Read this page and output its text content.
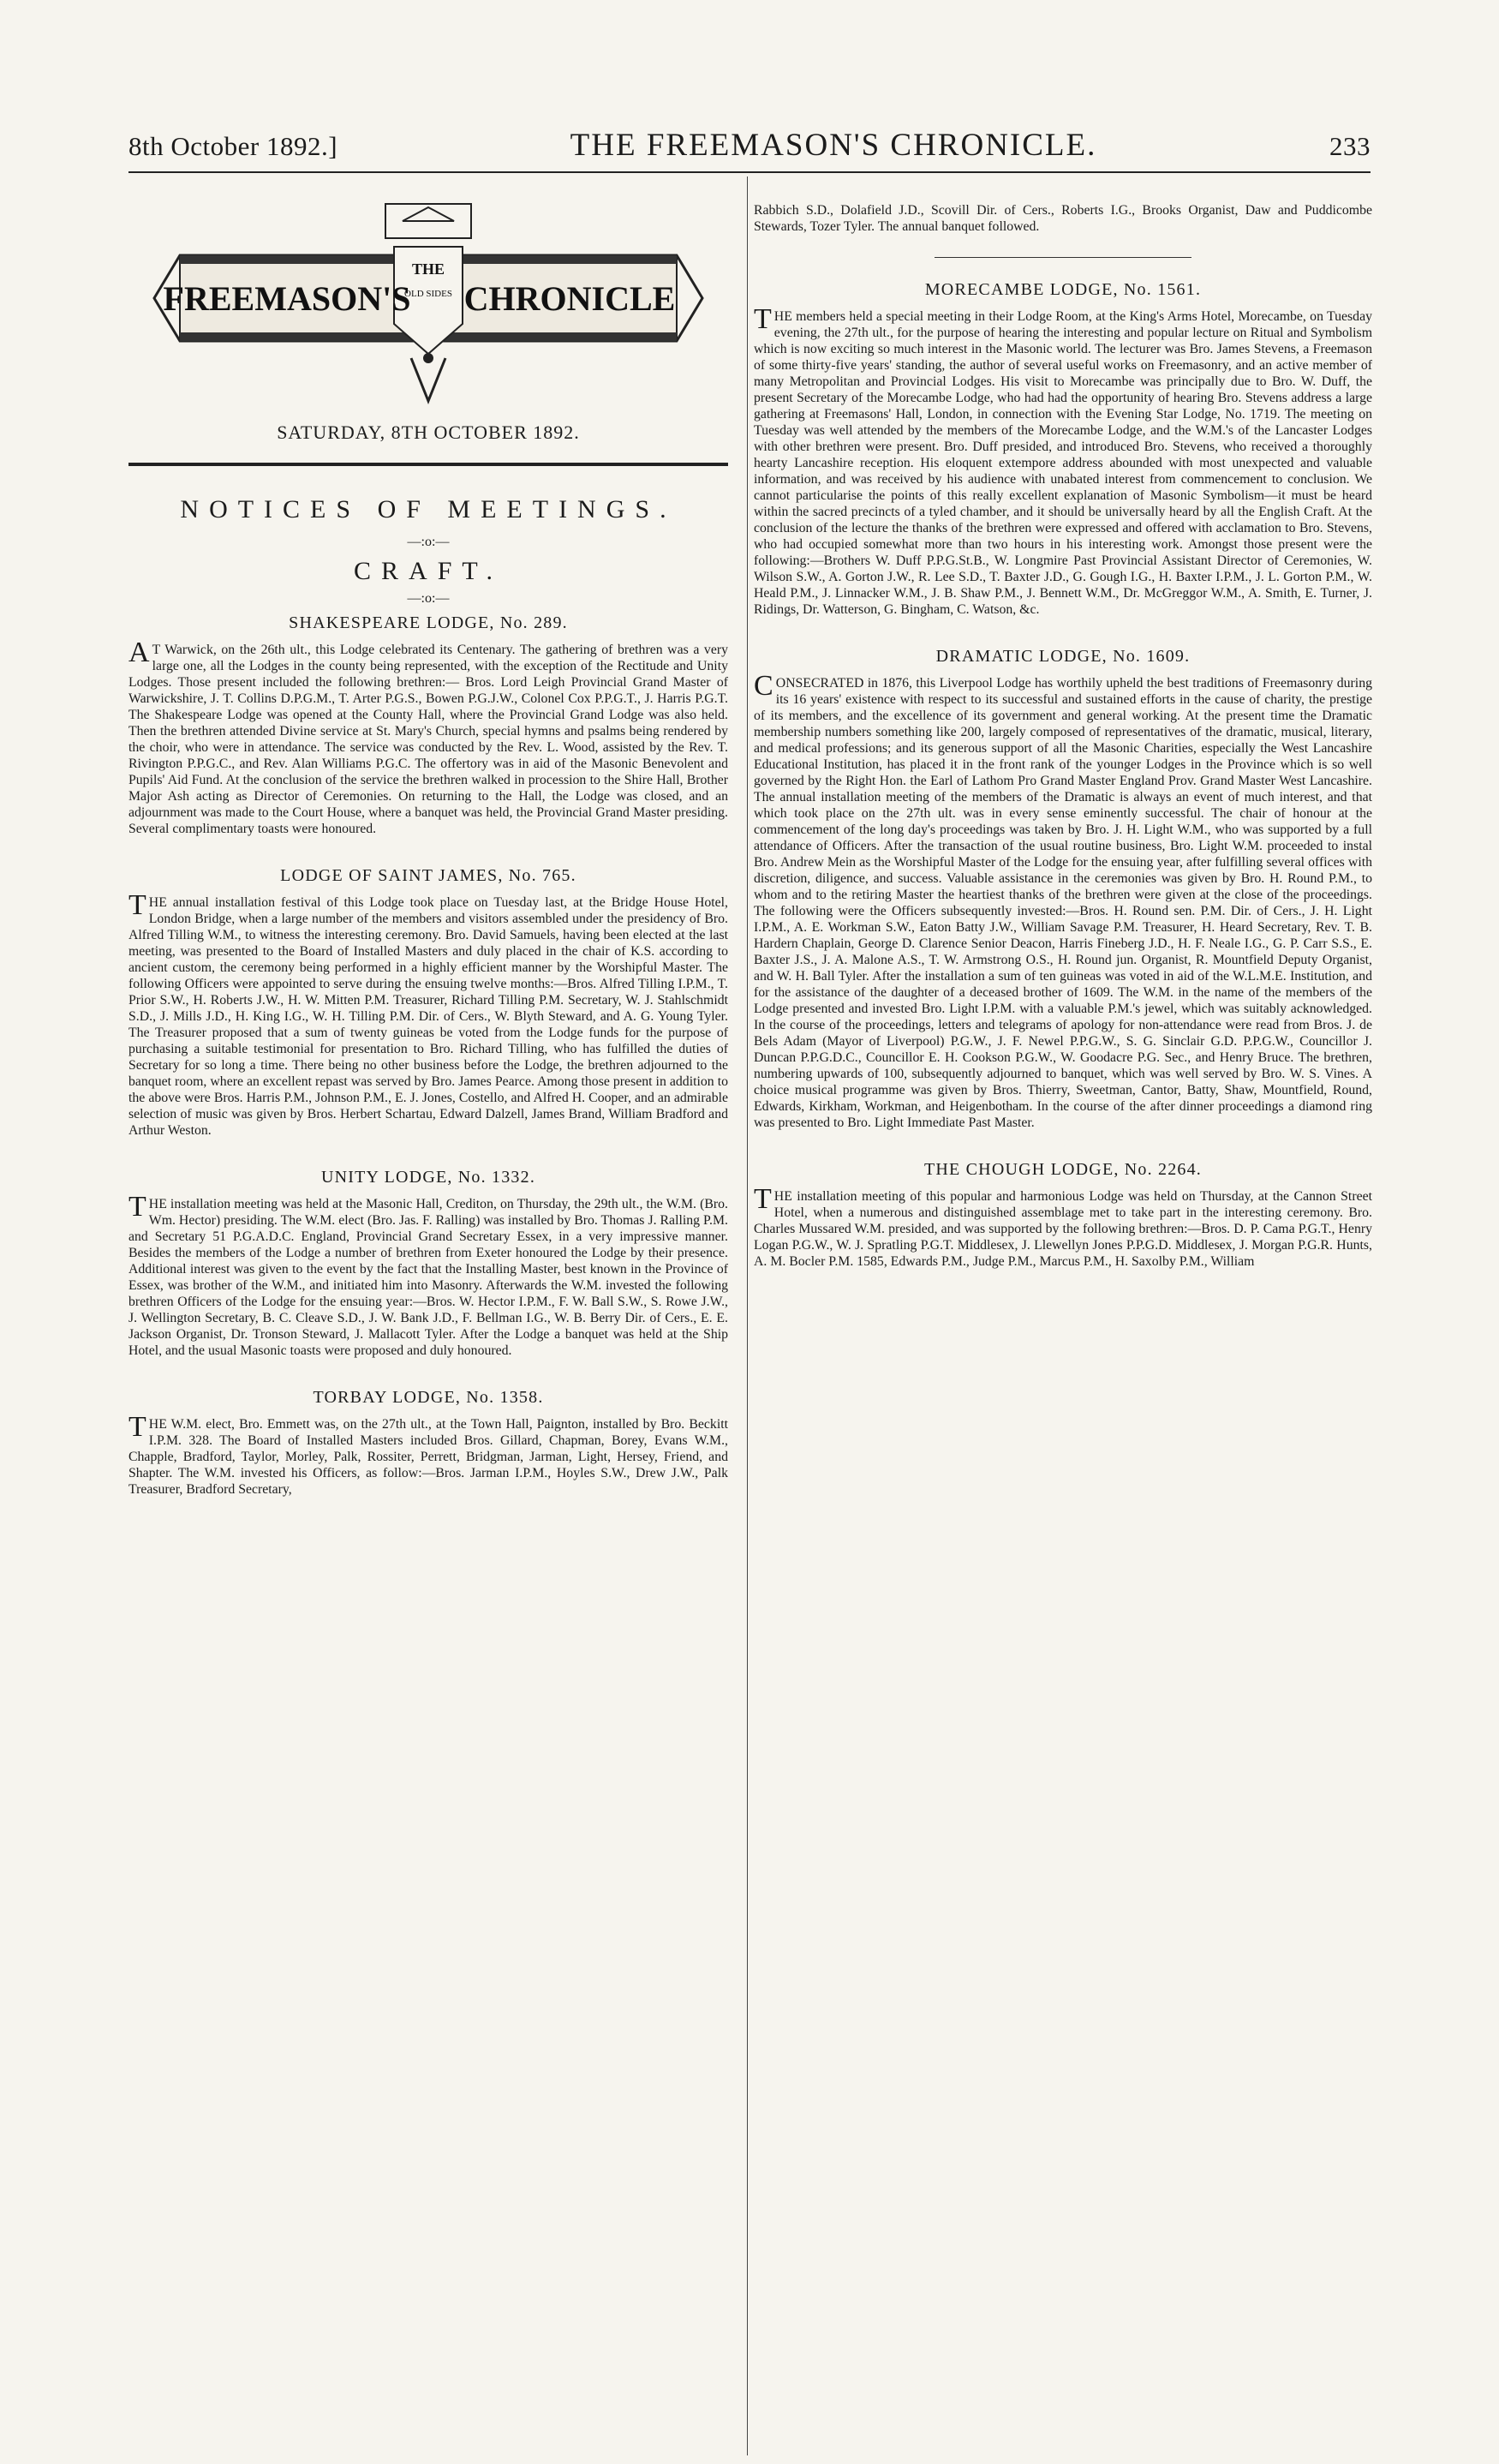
8th October 1892.]	THE FREEMASON'S CHRONICLE.	233
THE
OLD SIDES
FREEMASON'S CHRONICLE

SATURDAY, 8TH OCTOBER 1892.

NOTICES OF MEETINGS.

—:o:—

CRAFT.

—:o:—

SHAKESPEARE LODGE, No. 289.

AT Warwick, on the 26th ult., this Lodge celebrated its Centenary. The gathering of brethren was a very large one, all the Lodges in the county being represented, with the exception of the Rectitude and Unity Lodges. Those present included the following brethren:— Bros. Lord Leigh Provincial Grand Master of Warwickshire, J. T. Collins D.P.G.M., T. Arter P.G.S., Bowen P.G.J.W., Colonel Cox P.P.G.T., J. Harris P.G.T. The Shakespeare Lodge was opened at the County Hall, where the Provincial Grand Lodge was also held. Then the brethren attended Divine service at St. Mary's Church, special hymns and psalms being rendered by the choir, who were in attendance. The service was conducted by the Rev. L. Wood, assisted by the Rev. T. Rivington P.P.G.C., and Rev. Alan Williams P.G.C. The offertory was in aid of the Masonic Benevolent and Pupils' Aid Fund. At the conclusion of the service the brethren walked in procession to the Shire Hall, Brother Major Ash acting as Director of Ceremonies. On returning to the Hall, the Lodge was closed, and an adjournment was made to the Court House, where a banquet was held, the Provincial Grand Master presiding. Several complimentary toasts were honoured.

LODGE OF SAINT JAMES, No. 765.

THE annual installation festival of this Lodge took place on Tuesday last, at the Bridge House Hotel, London Bridge, when a large number of the members and visitors assembled under the presidency of Bro. Alfred Tilling W.M., to witness the interesting ceremony. Bro. David Samuels, having been elected at the last meeting, was presented to the Board of Installed Masters and duly placed in the chair of K.S. according to ancient custom, the ceremony being performed in a highly efficient manner by the Worshipful Master. The following Officers were appointed to serve during the ensuing twelve months:—Bros. Alfred Tilling I.P.M., T. Prior S.W., H. Roberts J.W., H. W. Mitten P.M. Treasurer, Richard Tilling P.M. Secretary, W. J. Stahlschmidt S.D., J. Mills J.D., H. King I.G., W. H. Tilling P.M. Dir. of Cers., W. Blyth Steward, and A. G. Young Tyler. The Treasurer proposed that a sum of twenty guineas be voted from the Lodge funds for the purpose of purchasing a suitable testimonial for presentation to Bro. Richard Tilling, who has fulfilled the duties of Secretary for so long a time. There being no other business before the Lodge, the brethren adjourned to the banquet room, where an excellent repast was served by Bro. James Pearce. Among those present in addition to the above were Bros. Harris P.M., Johnson P.M., E. J. Jones, Costello, and Alfred H. Cooper, and an admirable selection of music was given by Bros. Herbert Schartau, Edward Dalzell, James Brand, William Bradford and Arthur Weston.

UNITY LODGE, No. 1332.

THE installation meeting was held at the Masonic Hall, Crediton, on Thursday, the 29th ult., the W.M. (Bro. Wm. Hector) presiding. The W.M. elect (Bro. Jas. F. Ralling) was installed by Bro. Thomas J. Ralling P.M. and Secretary 51 P.G.A.D.C. England, Provincial Grand Secretary Essex, in a very impressive manner. Besides the members of the Lodge a number of brethren from Exeter honoured the Lodge by their presence. Additional interest was given to the event by the fact that the Installing Master, best known in the Province of Essex, was brother of the W.M., and initiated him into Masonry. Afterwards the W.M. invested the following brethren Officers of the Lodge for the ensuing year:—Bros. W. Hector I.P.M., F. W. Ball S.W., S. Rowe J.W., J. Wellington Secretary, B. C. Cleave S.D., J. W. Bank J.D., F. Bellman I.G., W. B. Berry Dir. of Cers., E. E. Jackson Organist, Dr. Tronson Steward, J. Mallacott Tyler. After the Lodge a banquet was held at the Ship Hotel, and the usual Masonic toasts were proposed and duly honoured.

TORBAY LODGE, No. 1358.

THE W.M. elect, Bro. Emmett was, on the 27th ult., at the Town Hall, Paignton, installed by Bro. Beckitt I.P.M. 328. The Board of Installed Masters included Bros. Gillard, Chapman, Borey, Evans W.M., Chapple, Bradford, Taylor, Morley, Palk, Rossiter, Perrett, Bridgman, Jarman, Light, Hersey, Friend, and Shapter. The W.M. invested his Officers, as follow:—Bros. Jarman I.P.M., Hoyles S.W., Drew J.W., Palk Treasurer, Bradford Secretary,

Rabbich S.D., Dolafield J.D., Scovill Dir. of Cers., Roberts I.G., Brooks Organist, Daw and Puddicombe Stewards, Tozer Tyler. The annual banquet followed.

MORECAMBE LODGE, No. 1561.

THE members held a special meeting in their Lodge Room, at the King's Arms Hotel, Morecambe, on Tuesday evening, the 27th ult., for the purpose of hearing the interesting and popular lecture on Ritual and Symbolism which is now exciting so much interest in the Masonic world. The lecturer was Bro. James Stevens, a Freemason of some thirty-five years' standing, the author of several useful works on Freemasonry, and an active member of many Metropolitan and Provincial Lodges. His visit to Morecambe was principally due to Bro. W. Duff, the present Secretary of the Morecambe Lodge, who had had the opportunity of hearing Bro. Stevens address a large gathering at Freemasons' Hall, London, in connection with the Evening Star Lodge, No. 1719. The meeting on Tuesday was well attended by the members of the Morecambe Lodge, and the W.M.'s of the Lancaster Lodges with other brethren were present. Bro. Duff presided, and introduced Bro. Stevens, who received a thoroughly hearty Lancashire reception. His eloquent extempore address abounded with most unexpected and valuable information, and was received by his audience with unabated interest from commencement to conclusion. We cannot particularise the points of this really excellent explanation of Masonic Symbolism—it must be heard within the sacred precincts of a tyled chamber, and it should be universally heard by all the English Craft. At the conclusion of the lecture the thanks of the brethren were expressed and offered with acclamation to Bro. Stevens, who had occupied somewhat more than two hours in his interesting work. Amongst those present were the following:—Brothers W. Duff P.P.G.St.B., W. Longmire Past Provincial Assistant Director of Ceremonies, W. Wilson S.W., A. Gorton J.W., R. Lee S.D., T. Baxter J.D., G. Gough I.G., H. Baxter I.P.M., J. L. Gorton P.M., W. Heald P.M., J. Linnacker W.M., J. B. Shaw P.M., J. Bennett W.M., Dr. McGreggor W.M., A. Smith, E. Turner, J. Ridings, Dr. Watterson, G. Bingham, C. Watson, &c.

DRAMATIC LODGE, No. 1609.

CONSECRATED in 1876, this Liverpool Lodge has worthily upheld the best traditions of Freemasonry during its 16 years' existence with respect to its successful and sustained efforts in the cause of charity, the prestige of its members, and the excellence of its government and general working. At the present time the Dramatic membership numbers something like 200, largely composed of representatives of the dramatic, musical, literary, and medical professions; and its generous support of all the Masonic Charities, especially the West Lancashire Educational Institution, has placed it in the front rank of the younger Lodges in the Province which is so well governed by the Right Hon. the Earl of Lathom Pro Grand Master England Prov. Grand Master West Lancashire. The annual installation meeting of the members of the Dramatic is always an event of much interest, and that which took place on the 27th ult. was in every sense eminently successful. The chair of honour at the commencement of the long day's proceedings was taken by Bro. J. H. Light W.M., who was supported by a full attendance of Officers. After the transaction of the usual routine business, Bro. Light W.M. proceeded to instal Bro. Andrew Mein as the Worshipful Master of the Lodge for the ensuing year, after fulfilling several offices with discretion, diligence, and success. Valuable assistance in the ceremonies was given by Bro. H. Round P.M., to whom and to the retiring Master the heartiest thanks of the brethren were given at the close of the proceedings. The following were the Officers subsequently invested:—Bros. H. Round sen. P.M. Dir. of Cers., J. H. Light I.P.M., A. E. Workman S.W., Eaton Batty J.W., William Savage P.M. Treasurer, H. Heard Secretary, Rev. T. B. Hardern Chaplain, George D. Clarence Senior Deacon, Harris Fineberg J.D., H. F. Neale I.G., G. P. Carr S.S., E. Baxter J.S., J. A. Malone A.S., T. W. Armstrong O.S., H. Round jun. Organist, R. Mountfield Deputy Organist, and W. H. Ball Tyler. After the installation a sum of ten guineas was voted in aid of the W.L.M.E. Institution, and for the assistance of the daughter of a deceased brother of 1609. The W.M. in the name of the members of the Lodge presented and invested Bro. Light I.P.M. with a valuable P.M.'s jewel, which was suitably acknowledged. In the course of the proceedings, letters and telegrams of apology for non-attendance were read from Bros. J. de Bels Adam (Mayor of Liverpool) P.G.W., J. F. Newel P.P.G.W., S. G. Sinclair G.D. P.P.G.W., Councillor J. Duncan P.P.G.D.C., Councillor E. H. Cookson P.G.W., W. Goodacre P.G. Sec., and Henry Bruce. The brethren, numbering upwards of 100, subsequently adjourned to banquet, which was well served by Bro. W. S. Vines. A choice musical programme was given by Bros. Thierry, Sweetman, Cantor, Batty, Shaw, Mountfield, Round, Edwards, Kirkham, Workman, and Heigenbotham. In the course of the after dinner proceedings a diamond ring was presented to Bro. Light Immediate Past Master.

THE CHOUGH LODGE, No. 2264.

THE installation meeting of this popular and harmonious Lodge was held on Thursday, at the Cannon Street Hotel, when a numerous and distinguished assemblage met to take part in the interesting ceremony. Bro. Charles Mussared W.M. presided, and was supported by the following brethren:—Bros. D. P. Cama P.G.T., Henry Logan P.G.W., W. J. Spratling P.G.T. Middlesex, J. Llewellyn Jones P.P.G.D. Middlesex, J. Morgan P.G.R. Hunts, A. M. Bocler P.M. 1585, Edwards P.M., Judge P.M., Marcus P.M., H. Saxolby P.M., William
